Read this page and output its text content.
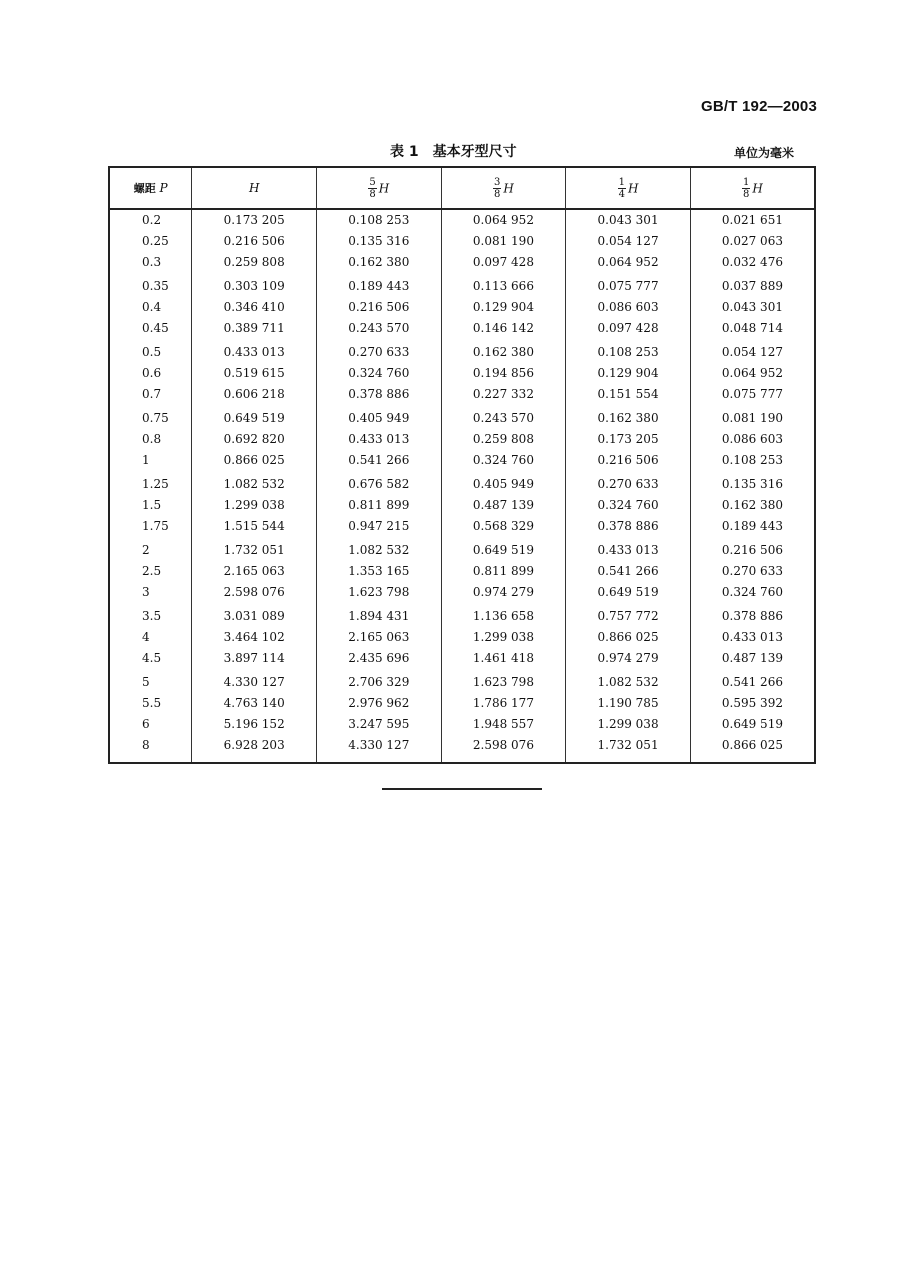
GB/T 192—2003
表 1 基本牙型尺寸	单位为毫米
螺距 P	H	$\frac{5}{8}$ H	$\frac{3}{8}$ H	$\frac{1}{4}$ H	$\frac{1}{8}$ H
0.2	0.173 205	0.108 253	0.064 952	0.043 301	0.021 651
0.25	0.216 506	0.135 316	0.081 190	0.054 127	0.027 063
0.3	0.259 808	0.162 380	0.097 428	0.064 952	0.032 476
0.35	0.303 109	0.189 443	0.113 666	0.075 777	0.037 889
0.4	0.346 410	0.216 506	0.129 904	0.086 603	0.043 301
0.45	0.389 711	0.243 570	0.146 142	0.097 428	0.048 714
0.5	0.433 013	0.270 633	0.162 380	0.108 253	0.054 127
0.6	0.519 615	0.324 760	0.194 856	0.129 904	0.064 952
0.7	0.606 218	0.378 886	0.227 332	0.151 554	0.075 777
0.75	0.649 519	0.405 949	0.243 570	0.162 380	0.081 190
0.8	0.692 820	0.433 013	0.259 808	0.173 205	0.086 603
1	0.866 025	0.541 266	0.324 760	0.216 506	0.108 253
1.25	1.082 532	0.676 582	0.405 949	0.270 633	0.135 316
1.5	1.299 038	0.811 899	0.487 139	0.324 760	0.162 380
1.75	1.515 544	0.947 215	0.568 329	0.378 886	0.189 443
2	1.732 051	1.082 532	0.649 519	0.433 013	0.216 506
2.5	2.165 063	1.353 165	0.811 899	0.541 266	0.270 633
3	2.598 076	1.623 798	0.974 279	0.649 519	0.324 760
3.5	3.031 089	1.894 431	1.136 658	0.757 772	0.378 886
4	3.464 102	2.165 063	1.299 038	0.866 025	0.433 013
4.5	3.897 114	2.435 696	1.461 418	0.974 279	0.487 139
5	4.330 127	2.706 329	1.623 798	1.082 532	0.541 266
5.5	4.763 140	2.976 962	1.786 177	1.190 785	0.595 392
6	5.196 152	3.247 595	1.948 557	1.299 038	0.649 519
8	6.928 203	4.330 127	2.598 076	1.732 051	0.866 025
